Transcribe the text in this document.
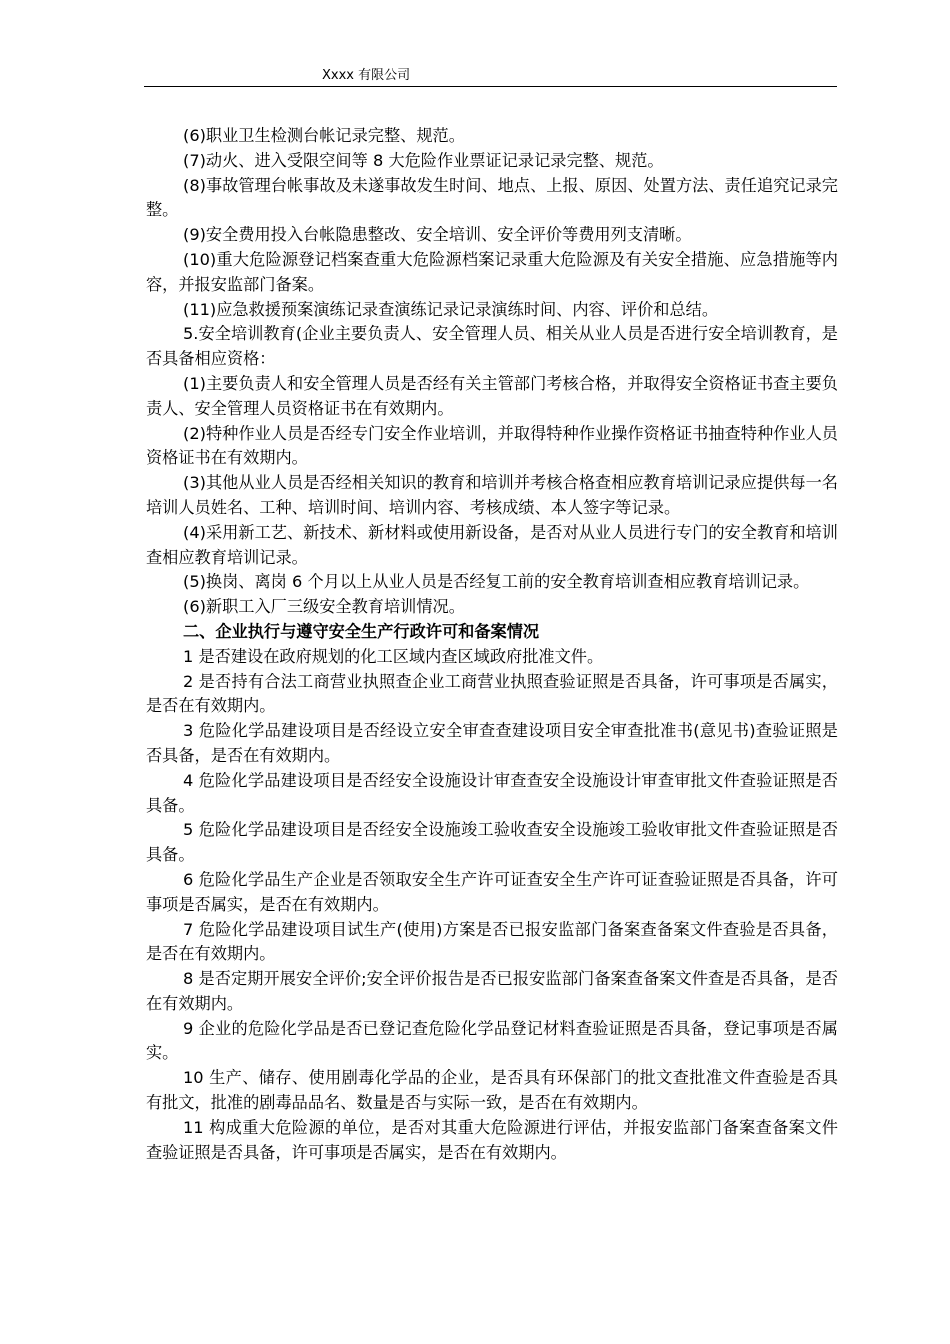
Xxxx 有限公司

(6)职业卫生检测台帐记录完整、规范。

(7)动火、进入受限空间等 8 大危险作业票证记录记录完整、规范。

(8)事故管理台帐事故及未遂事故发生时间、地点、上报、原因、处置方法、责任追究记录完整。

(9)安全费用投入台帐隐患整改、安全培训、安全评价等费用列支清晰。

(10)重大危险源登记档案查重大危险源档案记录重大危险源及有关安全措施、应急措施等内容，并报安监部门备案。

(11)应急救援预案演练记录查演练记录记录演练时间、内容、评价和总结。

5.安全培训教育(企业主要负责人、安全管理人员、相关从业人员是否进行安全培训教育，是否具备相应资格：

(1)主要负责人和安全管理人员是否经有关主管部门考核合格，并取得安全资格证书查主要负责人、安全管理人员资格证书在有效期内。

(2)特种作业人员是否经专门安全作业培训，并取得特种作业操作资格证书抽查特种作业人员资格证书在有效期内。

(3)其他从业人员是否经相关知识的教育和培训并考核合格查相应教育培训记录应提供每一名培训人员姓名、工种、培训时间、培训内容、考核成绩、本人签字等记录。

(4)采用新工艺、新技术、新材料或使用新设备，是否对从业人员进行专门的安全教育和培训查相应教育培训记录。

(5)换岗、离岗 6 个月以上从业人员是否经复工前的安全教育培训查相应教育培训记录。

(6)新职工入厂三级安全教育培训情况。

二、企业执行与遵守安全生产行政许可和备案情况

1 是否建设在政府规划的化工区域内查区域政府批准文件。

2 是否持有合法工商营业执照查企业工商营业执照查验证照是否具备，许可事项是否属实，是否在有效期内。

3 危险化学品建设项目是否经设立安全审查查建设项目安全审查批准书(意见书)查验证照是否具备，是否在有效期内。

4 危险化学品建设项目是否经安全设施设计审查查安全设施设计审查审批文件查验证照是否具备。

5 危险化学品建设项目是否经安全设施竣工验收查安全设施竣工验收审批文件查验证照是否具备。

6 危险化学品生产企业是否领取安全生产许可证查安全生产许可证查验证照是否具备，许可事项是否属实，是否在有效期内。

7 危险化学品建设项目试生产(使用)方案是否已报安监部门备案查备案文件查验是否具备，是否在有效期内。

8 是否定期开展安全评价;安全评价报告是否已报安监部门备案查备案文件查是否具备，是否在有效期内。

9 企业的危险化学品是否已登记查危险化学品登记材料查验证照是否具备，登记事项是否属实。

10 生产、储存、使用剧毒化学品的企业，是否具有环保部门的批文查批准文件查验是否具有批文，批准的剧毒品品名、数量是否与实际一致，是否在有效期内。

11 构成重大危险源的单位，是否对其重大危险源进行评估，并报安监部门备案查备案文件查验证照是否具备，许可事项是否属实，是否在有效期内。
